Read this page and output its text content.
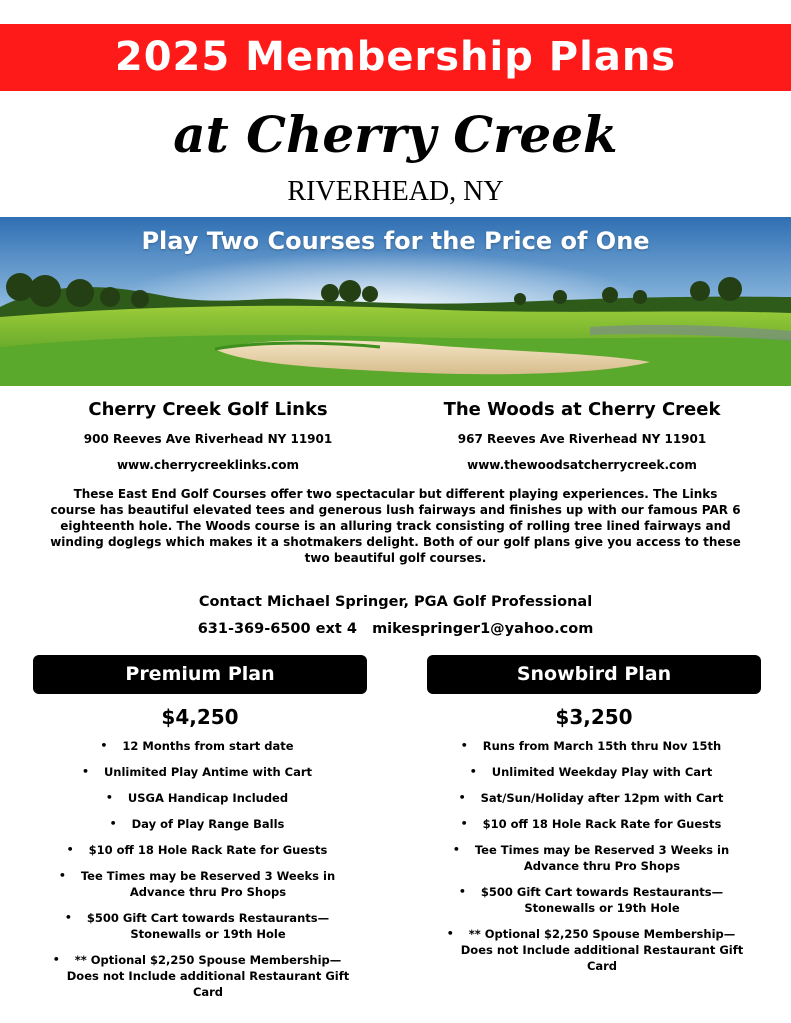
2025 Membership Plans
at Cherry Creek
RIVERHEAD, NY
Play Two Courses for the Price of One
Cherry Creek Golf Links
900 Reeves Ave Riverhead NY 11901
www.cherrycreeklinks.com
The Woods at Cherry Creek
967 Reeves Ave Riverhead NY 11901
www.thewoodsatcherrycreek.com
These East End Golf Courses offer two spectacular but different playing experiences. The Links course has beautiful elevated tees and generous lush fairways and finishes up with our famous PAR 6 eighteenth hole. The Woods course is an alluring track consisting of rolling tree lined fairways and winding doglegs which makes it a shotmakers delight. Both of our golf plans give you access to these two beautiful golf courses.
Contact Michael Springer, PGA Golf Professional
631-369-6500 ext 4 mikespringer1@yahoo.com
Premium Plan
$4,250
• 12 Months from start date
• Unlimited Play Antime with Cart
• USGA Handicap Included
• Day of Play Range Balls
• $10 off 18 Hole Rack Rate for Guests
• Tee Times may be Reserved 3 Weeks in Advance thru Pro Shops
• $500 Gift Cart towards Restaurants— Stonewalls or 19th Hole
• ** Optional $2,250 Spouse Membership— Does not Include additional Restaurant Gift Card
Snowbird Plan
$3,250
• Runs from March 15th thru Nov 15th
• Unlimited Weekday Play with Cart
• Sat/Sun/Holiday after 12pm with Cart
• $10 off 18 Hole Rack Rate for Guests
• Tee Times may be Reserved 3 Weeks in Advance thru Pro Shops
• $500 Gift Cart towards Restaurants— Stonewalls or 19th Hole
• ** Optional $2,250 Spouse Membership— Does not Include additional Restaurant Gift Card
